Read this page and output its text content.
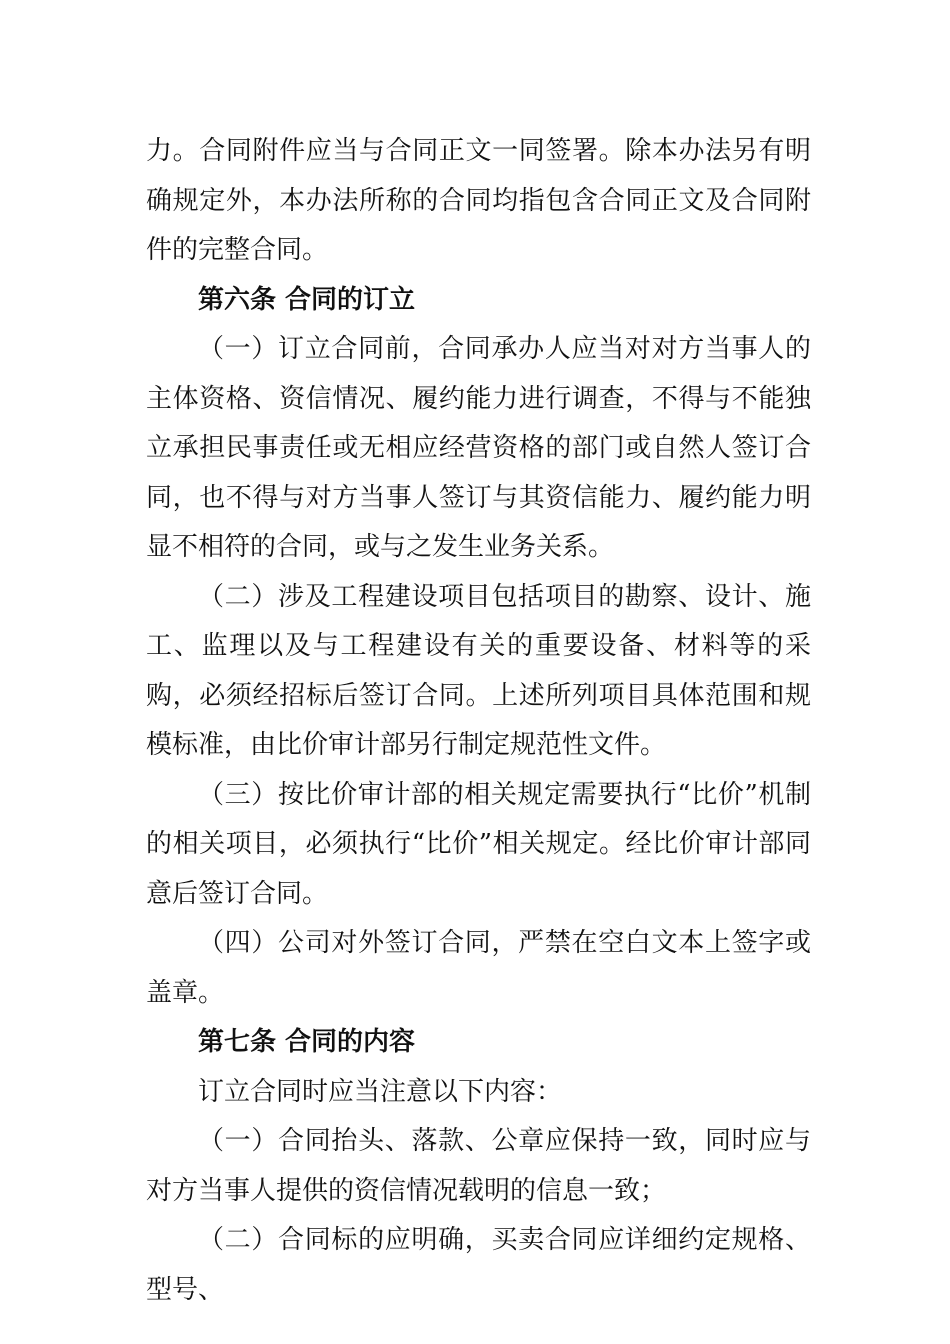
力。合同附件应当与合同正文一同签署。除本办法另有明确规定外，本办法所称的合同均指包含合同正文及合同附件的完整合同。

第六条 合同的订立

（一）订立合同前，合同承办人应当对对方当事人的主体资格、资信情况、履约能力进行调查，不得与不能独立承担民事责任或无相应经营资格的部门或自然人签订合同，也不得与对方当事人签订与其资信能力、履约能力明显不相符的合同，或与之发生业务关系。

（二）涉及工程建设项目包括项目的勘察、设计、施工、监理以及与工程建设有关的重要设备、材料等的采购，必须经招标后签订合同。上述所列项目具体范围和规模标准，由比价审计部另行制定规范性文件。

（三）按比价审计部的相关规定需要执行“比价”机制的相关项目，必须执行“比价”相关规定。经比价审计部同意后签订合同。

（四）公司对外签订合同，严禁在空白文本上签字或盖章。

第七条 合同的内容

订立合同时应当注意以下内容：

（一）合同抬头、落款、公章应保持一致，同时应与对方当事人提供的资信情况载明的信息一致；

（二）合同标的应明确，买卖合同应详细约定规格、型号、
